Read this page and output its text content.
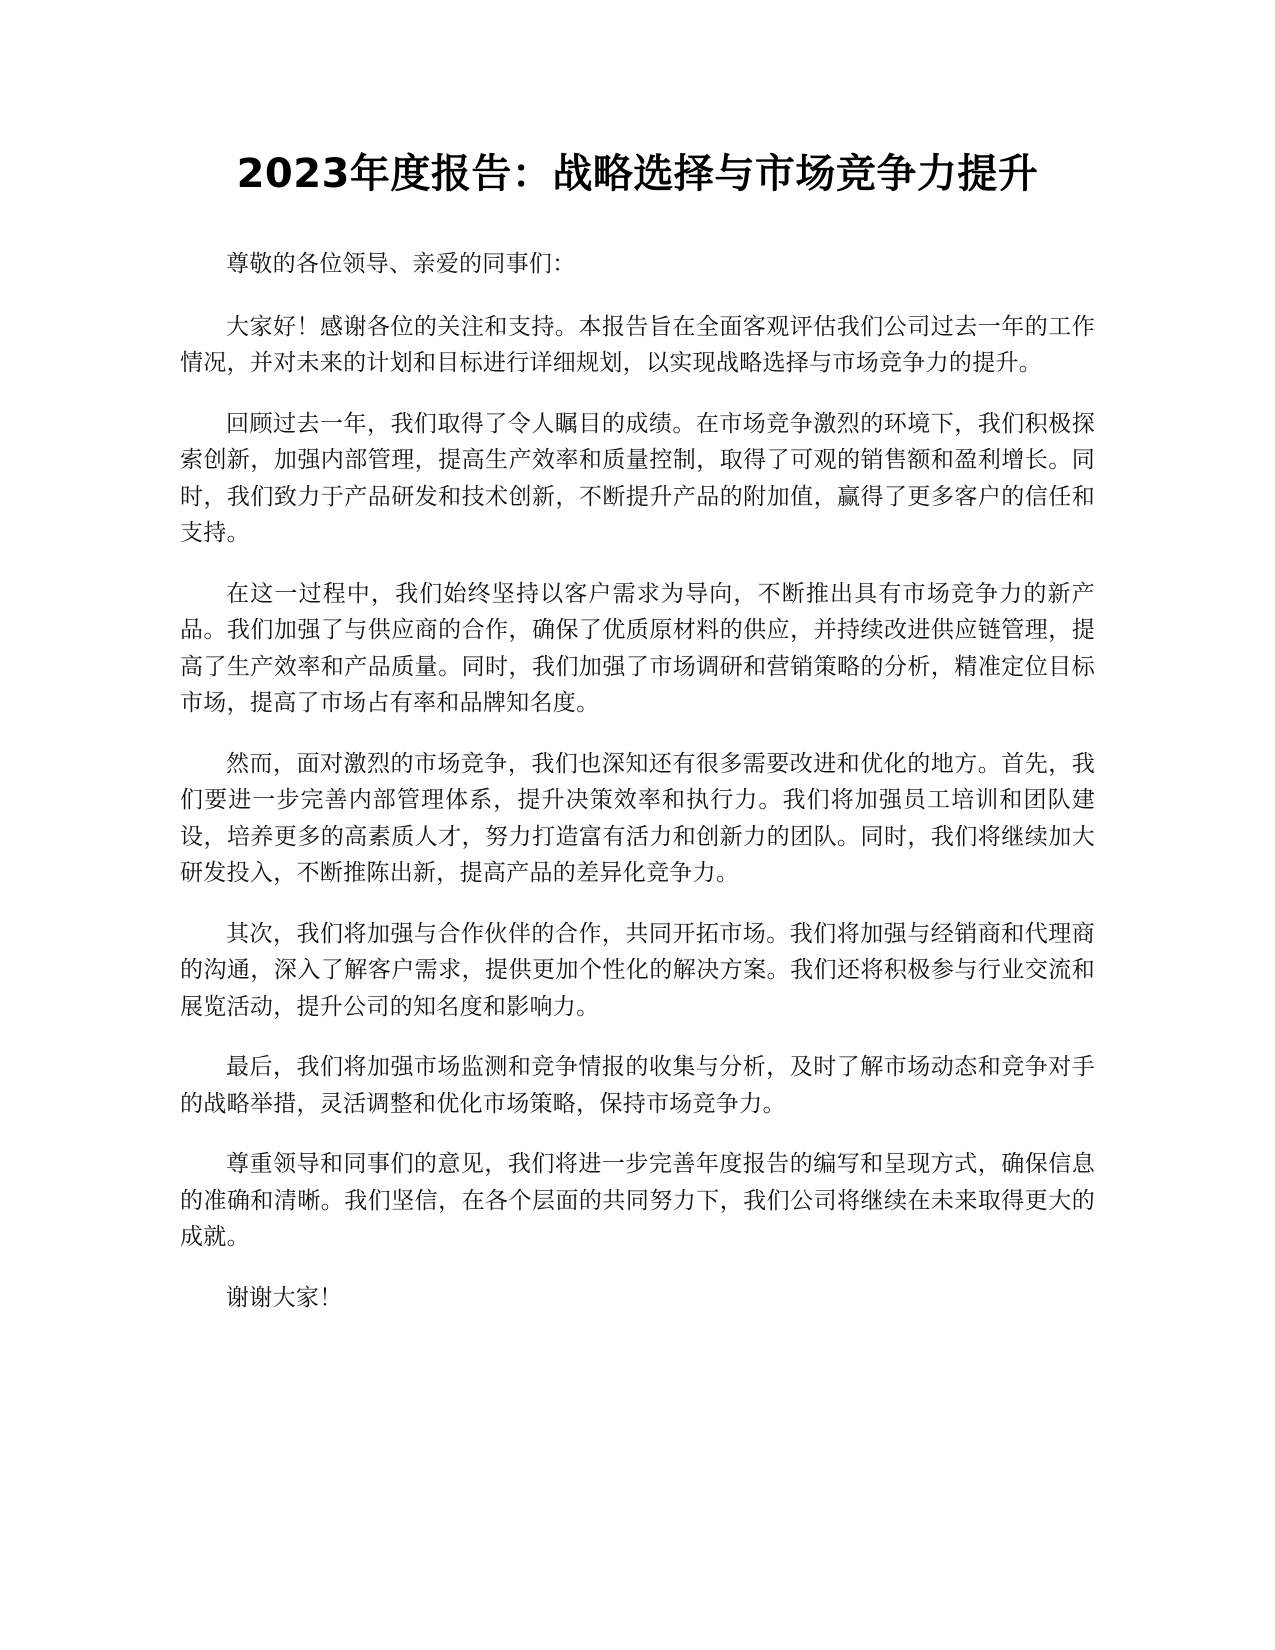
2023年度报告：战略选择与市场竞争力提升

尊敬的各位领导、亲爱的同事们：

大家好！感谢各位的关注和支持。本报告旨在全面客观评估我们公司过去一年的工作情况，并对未来的计划和目标进行详细规划，以实现战略选择与市场竞争力的提升。

回顾过去一年，我们取得了令人瞩目的成绩。在市场竞争激烈的环境下，我们积极探索创新，加强内部管理，提高生产效率和质量控制，取得了可观的销售额和盈利增长。同时，我们致力于产品研发和技术创新，不断提升产品的附加值，赢得了更多客户的信任和支持。

在这一过程中，我们始终坚持以客户需求为导向，不断推出具有市场竞争力的新产品。我们加强了与供应商的合作，确保了优质原材料的供应，并持续改进供应链管理，提高了生产效率和产品质量。同时，我们加强了市场调研和营销策略的分析，精准定位目标市场，提高了市场占有率和品牌知名度。

然而，面对激烈的市场竞争，我们也深知还有很多需要改进和优化的地方。首先，我们要进一步完善内部管理体系，提升决策效率和执行力。我们将加强员工培训和团队建设，培养更多的高素质人才，努力打造富有活力和创新力的团队。同时，我们将继续加大研发投入，不断推陈出新，提高产品的差异化竞争力。

其次，我们将加强与合作伙伴的合作，共同开拓市场。我们将加强与经销商和代理商的沟通，深入了解客户需求，提供更加个性化的解决方案。我们还将积极参与行业交流和展览活动，提升公司的知名度和影响力。

最后，我们将加强市场监测和竞争情报的收集与分析，及时了解市场动态和竞争对手的战略举措，灵活调整和优化市场策略，保持市场竞争力。

尊重领导和同事们的意见，我们将进一步完善年度报告的编写和呈现方式，确保信息的准确和清晰。我们坚信，在各个层面的共同努力下，我们公司将继续在未来取得更大的成就。

谢谢大家！
